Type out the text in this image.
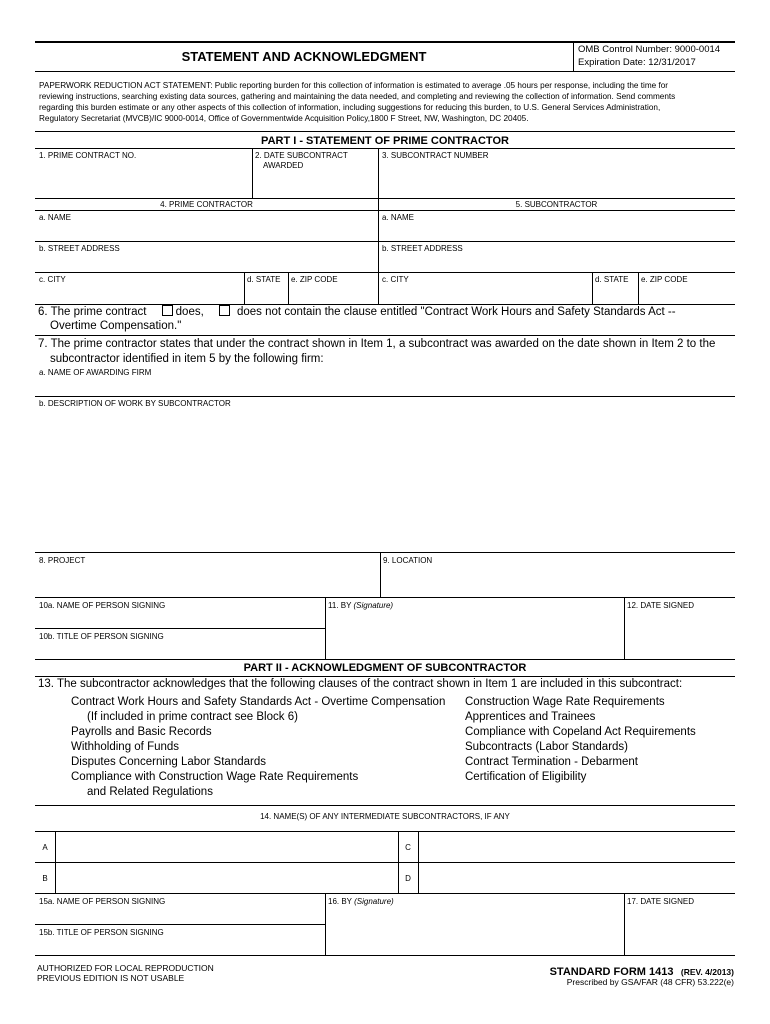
STATEMENT AND ACKNOWLEDGMENT	OMB Control Number: 9000-0014
Expiration Date: 12/31/2017
PAPERWORK REDUCTION ACT STATEMENT: Public reporting burden for this collection of information is estimated to average .05 hours per response, including the time for
reviewing instructions, searching existing data sources, gathering and maintaining the data needed, and completing and reviewing the collection of information. Send comments
regarding this burden estimate or any other aspects of this collection of information, including suggestions for reducing this burden, to U.S. General Services Administration,
Regulatory Secretariat (MVCB)/IC 9000-0014, Office of Governmentwide Acquisition Policy,1800 F Street, NW, Washington, DC 20405.
PART I - STATEMENT OF PRIME CONTRACTOR
1. PRIME CONTRACT NO.	2. DATE SUBCONTRACT
AWARDED
3. SUBCONTRACT NUMBER
4. PRIME CONTRACTOR	5. SUBCONTRACTOR
a. NAME	a. NAME
b. STREET ADDRESS	b. STREET ADDRESS
c. CITY	d. STATE e. ZIP CODE	c. CITY	d. STATE e. ZIP CODE
6. The prime contract	does,	does not contain the clause entitled "Contract Work Hours and Safety Standards Act --
Overtime Compensation."
7. The prime contractor states that under the contract shown in Item 1, a subcontract was awarded on the date shown in Item 2 to the
subcontractor identified in item 5 by the following firm:
a. NAME OF AWARDING FIRM
b. DESCRIPTION OF WORK BY SUBCONTRACTOR
8. PROJECT	9. LOCATION
10a. NAME OF PERSON SIGNING	11. BY (Signature)	12. DATE SIGNED
10b. TITLE OF PERSON SIGNING
PART II - ACKNOWLEDGMENT OF SUBCONTRACTOR
13. The subcontractor acknowledges that the following clauses of the contract shown in Item 1 are included in this subcontract:
Contract Work Hours and Safety Standards Act - Overtime Compensation
(If included in prime contract see Block 6)
Payrolls and Basic Records
Withholding of Funds
Disputes Concerning Labor Standards
Compliance with Construction Wage Rate Requirements
and Related Regulations
Construction Wage Rate Requirements
Apprentices and Trainees
Compliance with Copeland Act Requirements
Subcontracts (Labor Standards)
Contract Termination - Debarment
Certification of Eligibility
14. NAME(S) OF ANY INTERMEDIATE SUBCONTRACTORS, IF ANY
A	C
B	D
15a. NAME OF PERSON SIGNING	16. BY (Signature)	17. DATE SIGNED
15b. TITLE OF PERSON SIGNING
AUTHORIZED FOR LOCAL REPRODUCTION
PREVIOUS EDITION IS NOT USABLE	STANDARD FORM 1413 (REV. 4/2013)
Prescribed by GSA/FAR (48 CFR) 53.222(e)
